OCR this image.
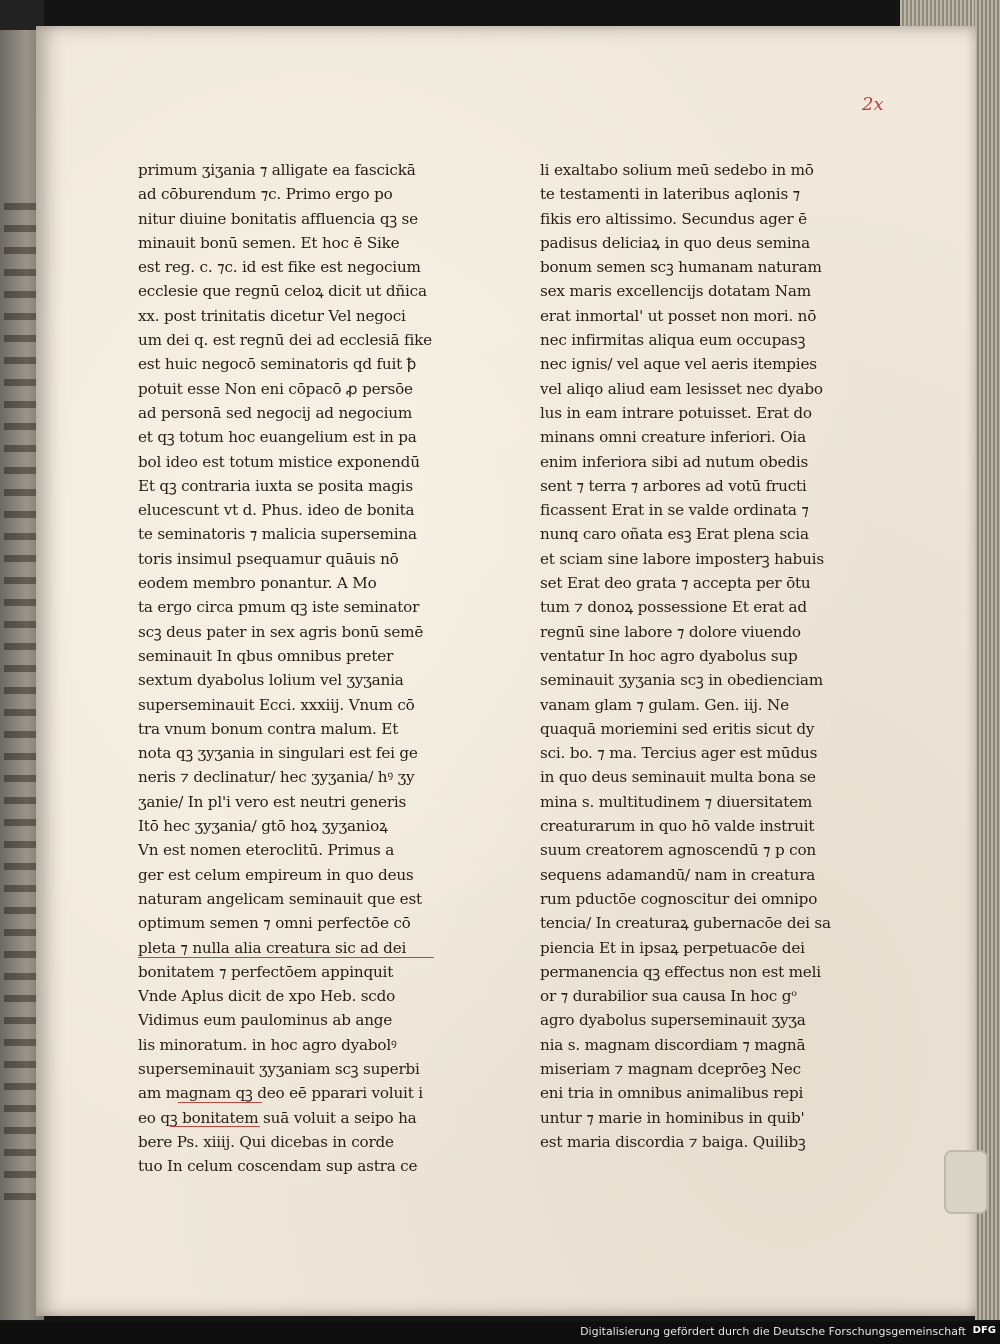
2x
primum ʒiʒania ⁊ alligate ea fascickā
ad cōburendum ⁊c. Primo ergo po
nitur diuine bonitatis affluencia qꝫ se
minauit bonū semen. Et hoc ē Sike
est reg. c. ⁊c. id est fike est negocium
ecclesie que regnū celoꝝ dicit ut dñica
xx. post trinitatis dicetur Vel negoci
um dei q. est regnū dei ad ecclesiā fike
est huic negocō seminatoris qd fuit ꝥ
potuit esse Non eni cōpacō ꝓ persōe
ad personā sed negocij ad negocium
et qꝫ totum hoc euangelium est in pa
bol ideo est totum mistice exponendū
Et qꝫ contraria iuxta se posita magis
elucescunt vt d. Phus. ideo de bonita
te seminatoris ⁊ malicia supersemina
toris insimul psequamur quāuis nō
eodem membro ponantur. A Mo
ta ergo circa pmum qꝫ iste seminator
scꝫ deus pater in sex agris bonū semē
seminauit In qbus omnibus preter
sextum dyabolus lolium vel ʒyʒania
superseminauit Ecci. xxxiij. Vnum cō
tra vnum bonum contra malum. Et
nota qꝫ ʒyʒania in singulari est fei ge
neris ⁊ declinatur/ hec ʒyʒania/ hꝰ ʒy
ʒanie/ In pl'i vero est neutri generis
Itō hec ʒyʒania/ gtō hoꝝ ʒyʒanioꝝ
Vn est nomen eteroclitū. Primus a
ger est celum empireum in quo deus
naturam angelicam seminauit que est
optimum semen ⁊ omni perfectōe cō
pleta ⁊ nulla alia creatura sic ad dei
bonitatem ⁊ perfectōem appinquit
Vnde Aplus dicit de xpo Heb. scdo
Vidimus eum paulominus ab ange
lis minoratum. in hoc agro dyabolꝰ
superseminauit ʒyʒaniam scꝫ superbi
am magnam qꝫ deo eē pparari voluit i
eo qꝫ bonitatem suā voluit a seipo ha
bere Ps. xiiij. Qui dicebas in corde
tuo In celum coscendam sup astra ce
li exaltabo solium meū sedebo in mō
te testamenti in lateribus aqlonis ⁊
fikis ero altissimo. Secundus ager ē
padisus deliciaꝝ in quo deus semina
bonum semen scꝫ humanam naturam
sex maris excellencijs dotatam Nam
erat inmortal' ut posset non mori. nō
nec infirmitas aliqua eum occupasꝫ
nec ignis/ vel aque vel aeris itempies
vel aliqo aliud eam lesisset nec dyabo
lus in eam intrare potuisset. Erat do
minans omni creature inferiori. Oia
enim inferiora sibi ad nutum obedis
sent ⁊ terra ⁊ arbores ad votū fructi
ficassent Erat in se valde ordinata ⁊
nunq caro oñata esꝫ Erat plena scia
et sciam sine labore imposterꝫ habuis
set Erat deo grata ⁊ accepta per ōtu
tum ⁊ donoꝝ possessione Et erat ad
regnū sine labore ⁊ dolore viuendo
ventatur In hoc agro dyabolus sup
seminauit ʒyʒania scꝫ in obedienciam
vanam glam ⁊ gulam. Gen. iij. Ne
quaquā moriemini sed eritis sicut dy
sci. bo. ⁊ ma. Tercius ager est mūdus
in quo deus seminauit multa bona se
mina s. multitudinem ⁊ diuersitatem
creaturarum in quo hō valde instruit
suum creatorem agnoscendū ⁊ p con
sequens adamandū/ nam in creatura
rum pductōe cognoscitur dei omnipo
tencia/ In creaturaꝝ gubernacōe dei sa
piencia Et in ipsaꝝ perpetuacōe dei
permanencia qꝫ effectus non est meli
or ⁊ durabilior sua causa In hoc gᵒ
agro dyabolus superseminauit ʒyʒa
nia s. magnam discordiam ⁊ magnā
miseriam ⁊ magnam dceprōeꝫ Nec
eni tria in omnibus animalibus repi
untur ⁊ marie in hominibus in quib'
est maria discordia ⁊ baiga. Quilibꝫ
Digitalisierung gefördert durch die Deutsche Forschungsgemeinschaft DFG
